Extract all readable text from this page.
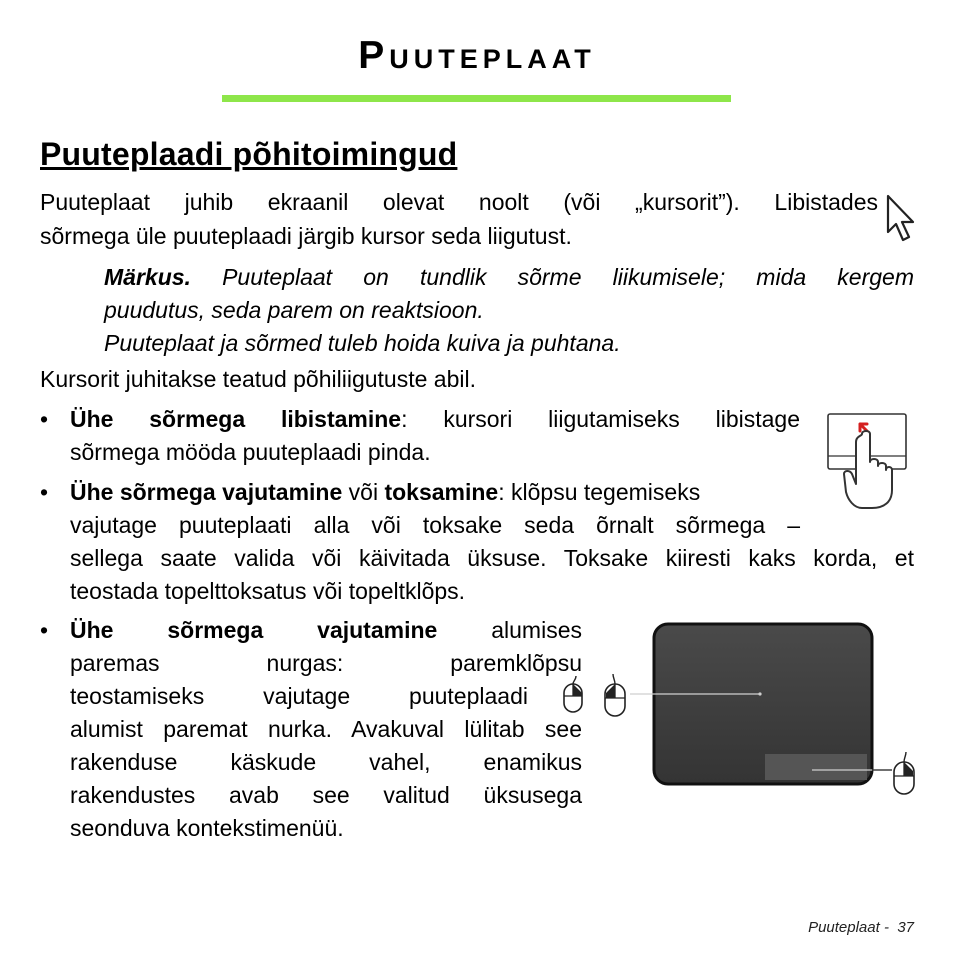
Puuteplaat
Puuteplaadi põhitoimingud

Puuteplaat juhib ekraanil olevat noolt (või „kursorit”). Libistades

sõrmega üle puuteplaadi järgib kursor seda liigutust.

Märkus. Puuteplaat on tundlik sõrme liikumisele; mida kergem
puudutus, seda parem on reaktsioon.
Puuteplaat ja sõrmed tuleb hoida kuiva ja puhtana.

Kursorit juhitakse teatud põhiliigutuste abil.

• Ühe sõrmega libistamine: kursori liigutamiseks libistage
sõrmega mööda puuteplaadi pinda.
• Ühe sõrmega vajutamine või toksamine: klõpsu tegemiseks
vajutage puuteplaati alla või toksake seda õrnalt sõrmega –
sellega saate valida või käivitada üksuse. Toksake kiiresti kaks korda, et
teostada topelttoksatus või topeltklõps.
• Ühe sõrmega vajutamine alumises
paremas nurgas: paremklõpsu
teostamiseks vajutage puuteplaadi
alumist paremat nurka. Avakuval lülitab see
rakenduse käskude vahel, enamikus
rakendustes avab see valitud üksusega
seonduva kontekstimenüü.
Puuteplaat -  37
